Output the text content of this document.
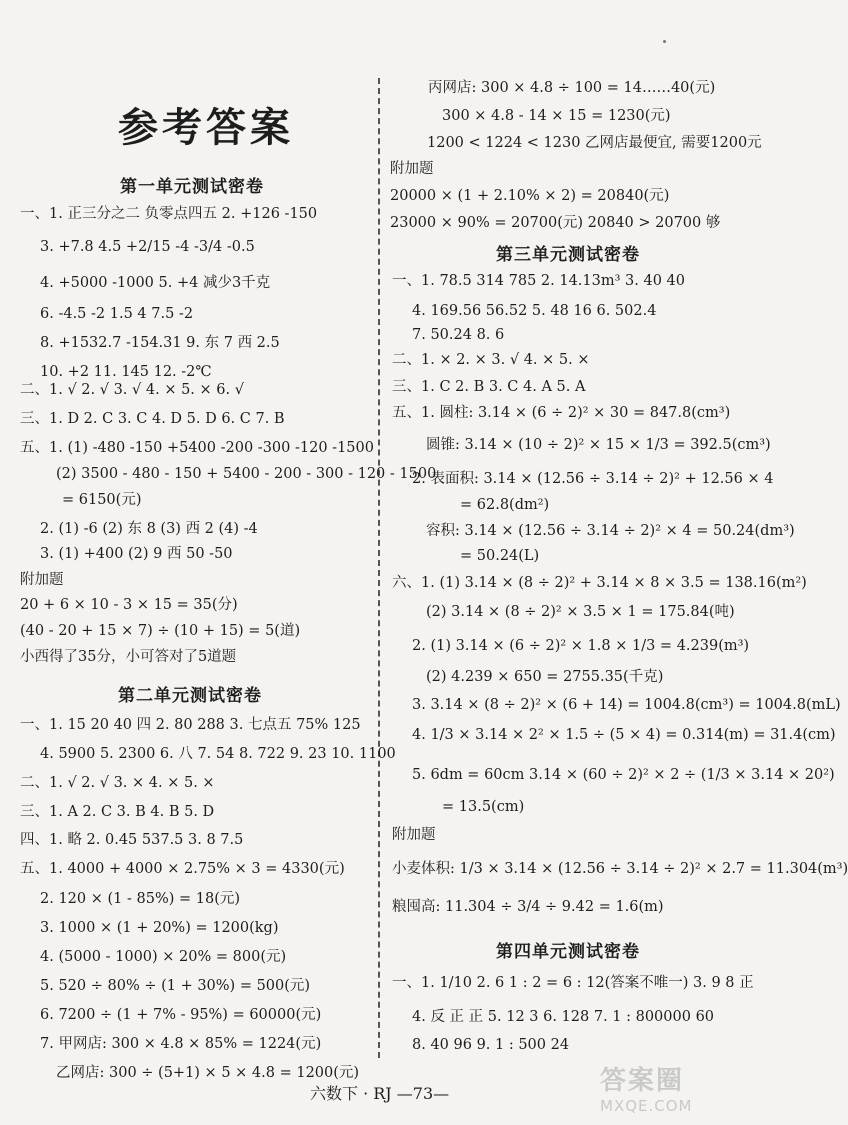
参考答案
第一单元测试密卷
一、1. 正三分之二 负零点四五 2. +126 -150
3. +7.8 4.5 +2/15 -4 -3/4 -0.5
4. +5000 -1000 5. +4 减少3千克
6. -4.5 -2 1.5 4 7.5 -2
8. +1532.7 -154.31 9. 东 7 西 2.5
10. +2 11. 145 12. -2℃
二、1. √ 2. √ 3. √ 4. × 5. × 6. √
三、1. D 2. C 3. C 4. D 5. D 6. C 7. B
五、1. (1) -480 -150 +5400 -200 -300 -120 -1500
(2) 3500 - 480 - 150 + 5400 - 200 - 300 - 120 - 1500
= 6150(元)
2. (1) -6 (2) 东 8 (3) 西 2 (4) -4
3. (1) +400 (2) 9 西 50 -50
附加题
20 + 6 × 10 - 3 × 15 = 35(分)
(40 - 20 + 15 × 7) ÷ (10 + 15) = 5(道)
小西得了35分，小可答对了5道题
第二单元测试密卷
一、1. 15 20 40 四 2. 80 288 3. 七点五 75% 125
4. 5900 5. 2300 6. 八 7. 54 8. 722 9. 23 10. 1100
二、1. √ 2. √ 3. × 4. × 5. ×
三、1. A 2. C 3. B 4. B 5. D
四、1. 略 2. 0.45 537.5 3. 8 7.5
五、1. 4000 + 4000 × 2.75% × 3 = 4330(元)
2. 120 × (1 - 85%) = 18(元)
3. 1000 × (1 + 20%) = 1200(kg)
4. (5000 - 1000) × 20% = 800(元)
5. 520 ÷ 80% ÷ (1 + 30%) = 500(元)
6. 7200 ÷ (1 + 7% - 95%) = 60000(元)
7. 甲网店: 300 × 4.8 × 85% = 1224(元)
乙网店: 300 ÷ (5+1) × 5 × 4.8 = 1200(元)
丙网店: 300 × 4.8 ÷ 100 = 14……40(元)
300 × 4.8 - 14 × 15 = 1230(元)
1200 < 1224 < 1230 乙网店最便宜, 需要1200元
附加题
20000 × (1 + 2.10% × 2) = 20840(元)
23000 × 90% = 20700(元) 20840 > 20700 够
第三单元测试密卷
一、1. 78.5 314 785 2. 14.13m³ 3. 40 40
4. 169.56 56.52 5. 48 16 6. 502.4
7. 50.24 8. 6
二、1. × 2. × 3. √ 4. × 5. ×
三、1. C 2. B 3. C 4. A 5. A
五、1. 圆柱: 3.14 × (6 ÷ 2)² × 30 = 847.8(cm³)
圆锥: 3.14 × (10 ÷ 2)² × 15 × 1/3 = 392.5(cm³)
2. 表面积: 3.14 × (12.56 ÷ 3.14 ÷ 2)² + 12.56 × 4
= 62.8(dm²)
容积: 3.14 × (12.56 ÷ 3.14 ÷ 2)² × 4 = 50.24(dm³)
= 50.24(L)
六、1. (1) 3.14 × (8 ÷ 2)² + 3.14 × 8 × 3.5 = 138.16(m²)
(2) 3.14 × (8 ÷ 2)² × 3.5 × 1 = 175.84(吨)
2. (1) 3.14 × (6 ÷ 2)² × 1.8 × 1/3 = 4.239(m³)
(2) 4.239 × 650 = 2755.35(千克)
3. 3.14 × (8 ÷ 2)² × (6 + 14) = 1004.8(cm³) = 1004.8(mL)
4. 1/3 × 3.14 × 2² × 1.5 ÷ (5 × 4) = 0.314(m) = 31.4(cm)
5. 6dm = 60cm 3.14 × (60 ÷ 2)² × 2 ÷ (1/3 × 3.14 × 20²)
= 13.5(cm)
附加题
小麦体积: 1/3 × 3.14 × (12.56 ÷ 3.14 ÷ 2)² × 2.7 = 11.304(m³)
粮囤高: 11.304 ÷ 3/4 ÷ 9.42 = 1.6(m)
第四单元测试密卷
一、1. 1/10 2. 6 1 : 2 = 6 : 12(答案不唯一) 3. 9 8 正
4. 反 正 正 5. 12 3 6. 128 7. 1 : 800000 60
8. 40 96 9. 1 : 500 24
六数下 · RJ —73—	答案圈
MXQE.COM
